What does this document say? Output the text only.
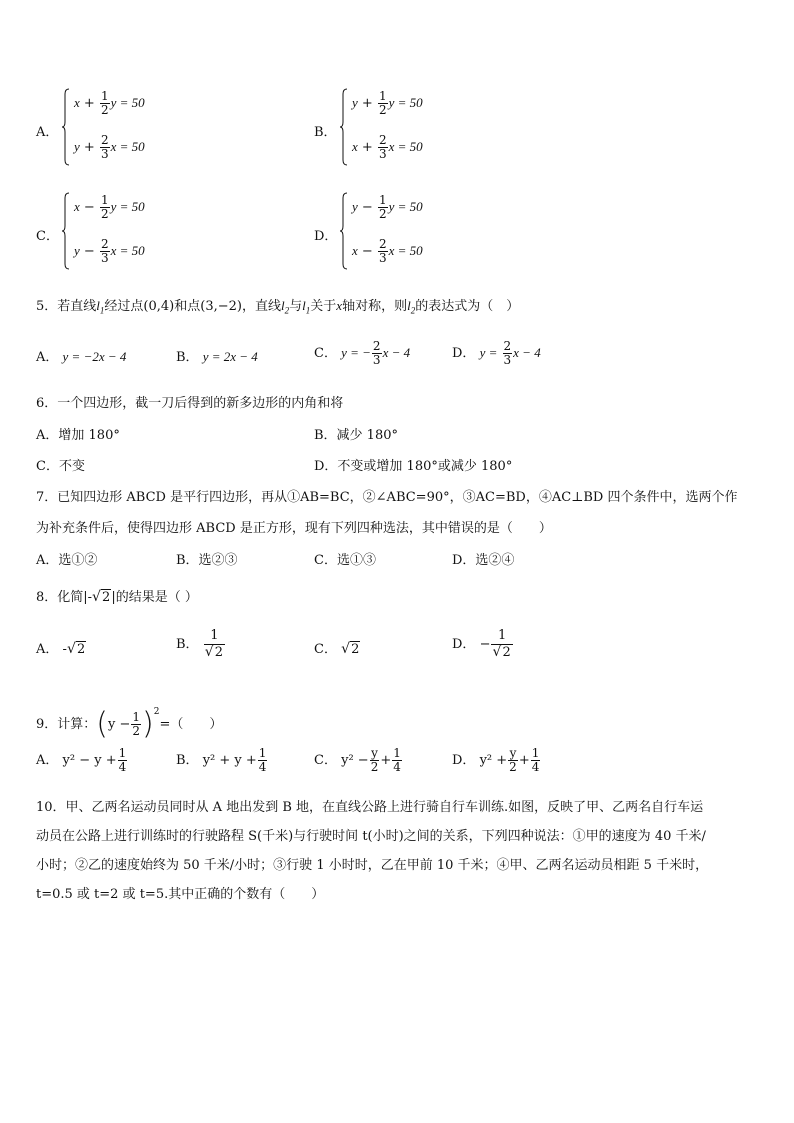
A．
$x + \frac{1}{2}$ y = 50
$y + \frac{2}{3}$ x = 50
B．
$y + \frac{1}{2}$ y = 50
$x + \frac{2}{3}$ x = 50
C．
$x - \frac{1}{2}$ y = 50
$y - \frac{2}{3}$ x = 50
D．
$y - \frac{1}{2}$ y = 50
$x - \frac{2}{3}$ x = 50
5．若直线$l_1$经过点(0,4)和点(3,−2)，直线$l_2$与$l_1$关于x轴对称，则$l_2$的表达式为（　）
A． y = −2x − 4	B． y = 2x − 4	C． y = − $\frac{2}{3}$ x − 4	D． $y = \frac{2}{3}$ x − 4
6．一个四边形，截一刀后得到的新多边形的内角和将
A．增加 180°	B．减少 180°
C．不变	D．不变或增加 180°或减少 180°
7．已知四边形 ABCD 是平行四边形，再从①AB=BC，②∠ABC=90°，③AC=BD，④AC⊥BD 四个条件中，选两个作
为补充条件后，使得四边形 ABCD 是正方形，现有下列四种选法，其中错误的是（　　）
A．选①②	B．选②③	C．选①③	D．选②④
8．化简|- √ 2|的结果是（ ）
A． - √ 2	B． 1
√ 2	C． √ 2	D． − 1
√ 2
9．计算：$(y - \frac{1}{2} )^2=$（　　）
A． $y^2 - y + \frac{1}{4}$	B． $y^2 + y + \frac{1}{4}$	C． $y^2 - \frac{y}{2} + \frac{1}{4}$	D． $y^2 + \frac{y}{2} + \frac{1}{4}$
10．甲、乙两名运动员同时从 A 地出发到 B 地，在直线公路上进行骑自行车训练.如图，反映了甲、乙两名自行车运
动员在公路上进行训练时的行驶路程 S(千米)与行驶时间 t(小时)之间的关系，下列四种说法：①甲的速度为 40 千米/
小时；②乙的速度始终为 50 千米/小时；③行驶 1 小时时，乙在甲前 10 千米；④甲、乙两名运动员相距 5 千米时，
t=0.5 或 t=2 或 t=5.其中正确的个数有（　　）
